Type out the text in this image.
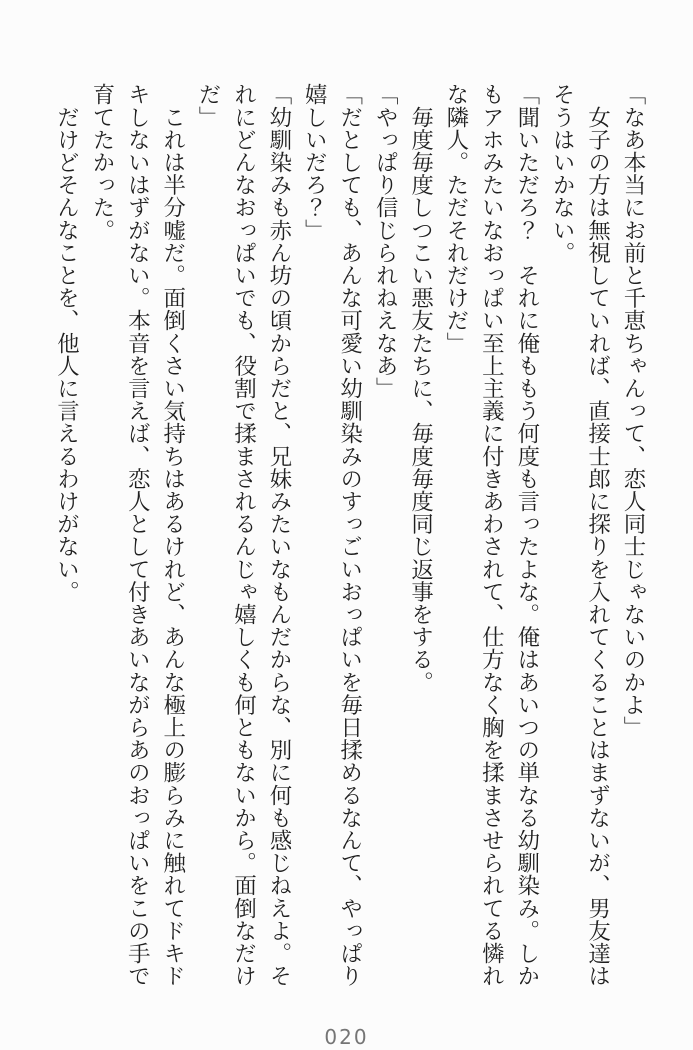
「なあ本当にお前と千恵ちゃんって、恋人同士じゃないのかよ」

　女子の方は無視していれば、直接士郎に探りを入れてくることはまずないが、男友達は

そうはいかない。

「聞いただろ？　それに俺ももう何度も言ったよな。俺はあいつの単なる幼馴染み。しか

もアホみたいなおっぱい至上主義に付きあわされて、仕方なく胸を揉まさせられてる憐れ

な隣人。ただそれだけだ」

　毎度毎度しつこい悪友たちに、毎度毎度同じ返事をする。

「やっぱり信じられねえなあ」

「だとしても、あんな可愛い幼馴染みのすっごいおっぱいを毎日揉めるなんて、やっぱり

嬉しいだろ？」

「幼馴染みも赤ん坊の頃からだと、兄妹みたいなもんだからな、別に何も感じねえよ。そ

れにどんなおっぱいでも、役割で揉まされるんじゃ嬉しくも何ともないから。面倒なだけ

だ」

　これは半分嘘だ。面倒くさい気持ちはあるけれど、あんな極上の膨らみに触れてドキド

キしないはずがない。本音を言えば、恋人として付きあいながらあのおっぱいをこの手で

育てたかった。

　だけどそんなことを、他人に言えるわけがない。

020
